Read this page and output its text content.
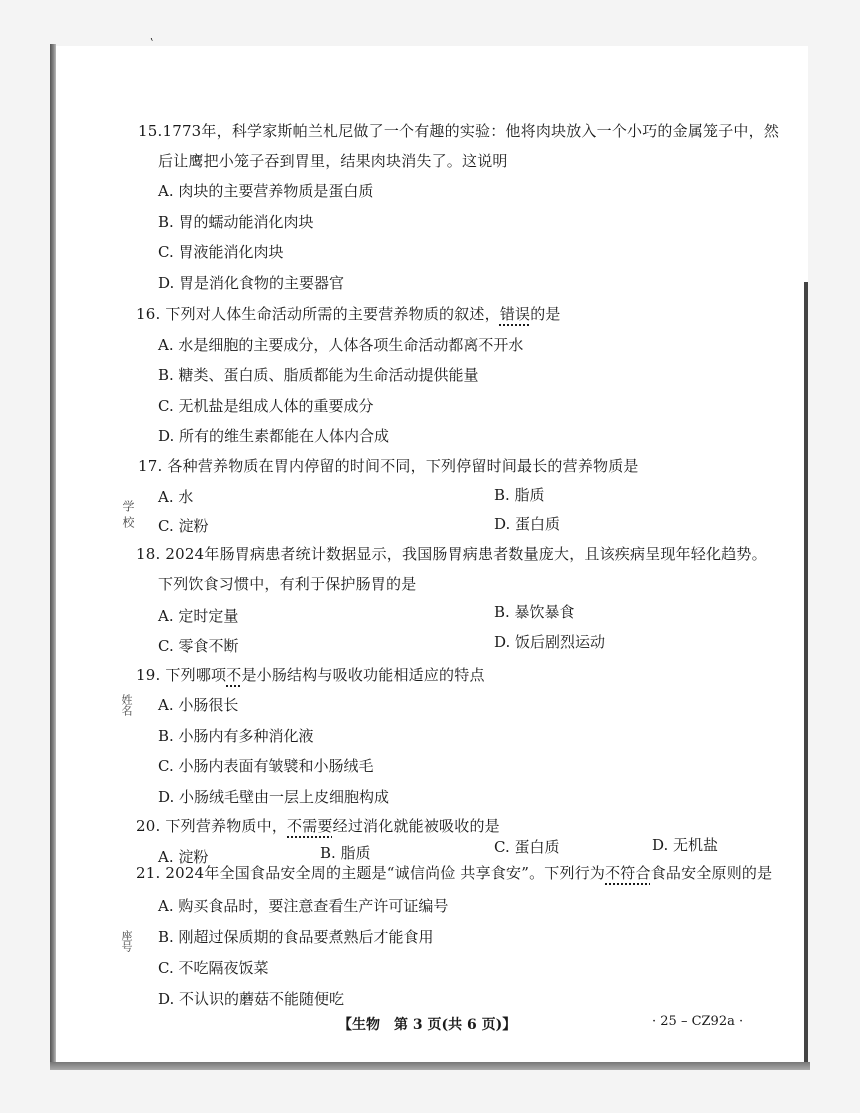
‛
学
校
姓名
座号
15.1773年，科学家斯帕兰札尼做了一个有趣的实验：他将肉块放入一个小巧的金属笼子中，然
后让鹰把小笼子吞到胃里，结果肉块消失了。这说明
A. 肉块的主要营养物质是蛋白质
B. 胃的蠕动能消化肉块
C. 胃液能消化肉块
D. 胃是消化食物的主要器官
16. 下列对人体生命活动所需的主要营养物质的叙述，错误的是
A. 水是细胞的主要成分，人体各项生命活动都离不开水
B. 糖类、蛋白质、脂质都能为生命活动提供能量
C. 无机盐是组成人体的重要成分
D. 所有的维生素都能在人体内合成
17. 各种营养物质在胃内停留的时间不同，下列停留时间最长的营养物质是
A. 水	B. 脂质
C. 淀粉	D. 蛋白质
18. 2024年肠胃病患者统计数据显示，我国肠胃病患者数量庞大，且该疾病呈现年轻化趋势。
下列饮食习惯中，有利于保护肠胃的是
A. 定时定量	B. 暴饮暴食
C. 零食不断	D. 饭后剧烈运动
19. 下列哪项不是小肠结构与吸收功能相适应的特点
A. 小肠很长
B. 小肠内有多种消化液
C. 小肠内表面有皱襞和小肠绒毛
D. 小肠绒毛壁由一层上皮细胞构成
20. 下列营养物质中，不需要经过消化就能被吸收的是
A. 淀粉	B. 脂质	C. 蛋白质	D. 无机盐
21. 2024年全国食品安全周的主题是“诚信尚俭 共享食安”。下列行为不符合食品安全原则的是
A. 购买食品时，要注意查看生产许可证编号
B. 刚超过保质期的食品要煮熟后才能食用
C. 不吃隔夜饭菜
D. 不认识的蘑菇不能随便吃
【生物　第 3 页(共 6 页)】	· 25 – CZ92a ·
